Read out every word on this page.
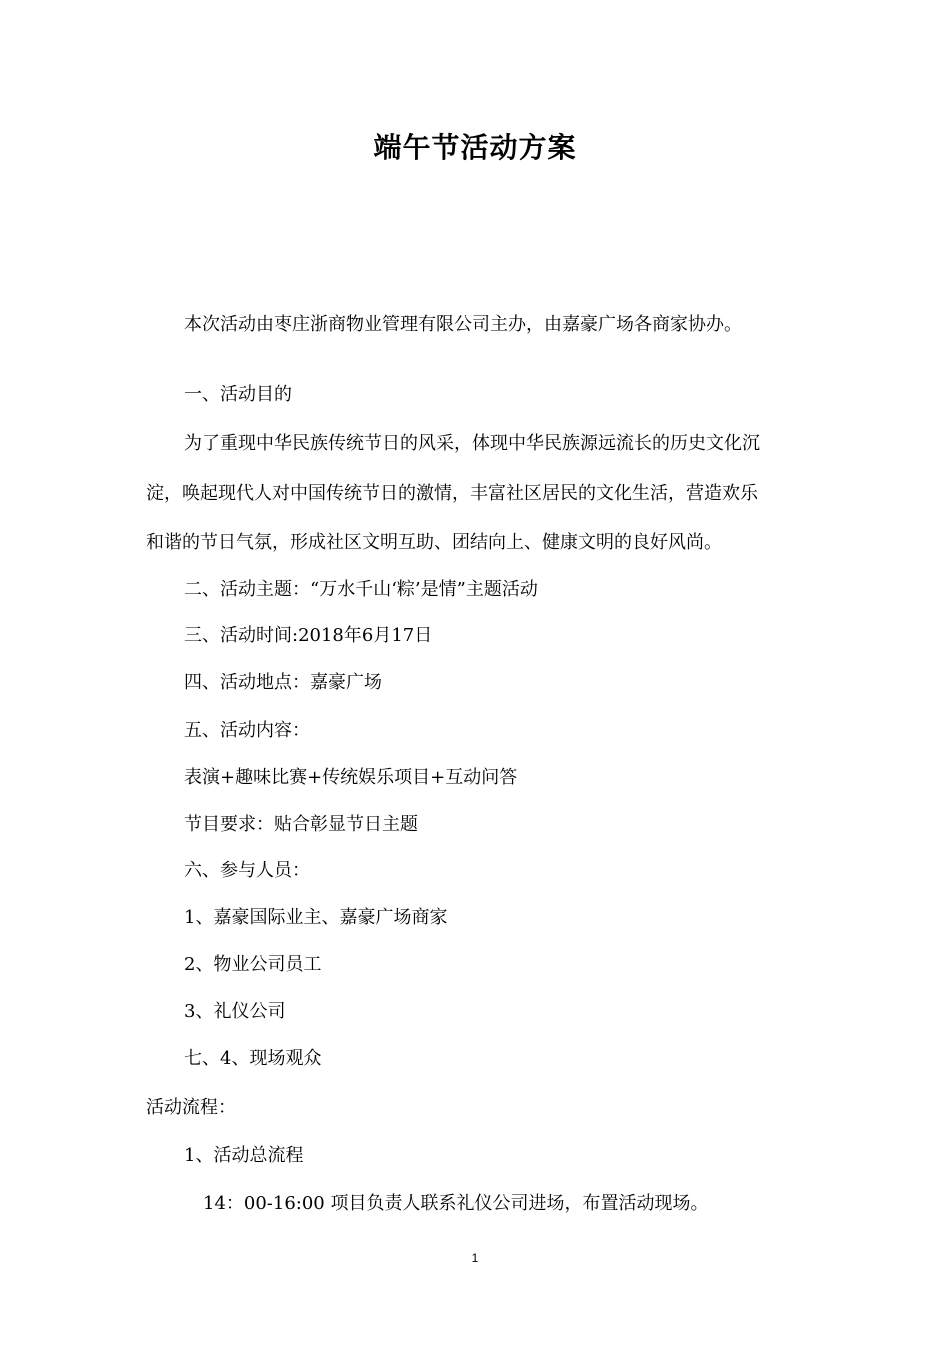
端午节活动方案
本次活动由枣庄浙商物业管理有限公司主办，由嘉豪广场各商家协办。
一、活动目的
为了重现中华民族传统节日的风采，体现中华民族源远流长的历史文化沉
淀，唤起现代人对中国传统节日的激情，丰富社区居民的文化生活，营造欢乐
和谐的节日气氛，形成社区文明互助、团结向上、健康文明的良好风尚。
二、活动主题：“万水千山‘粽’是情”主题活动
三、活动时间:2018年6月17日
四、活动地点：嘉豪广场
五、活动内容：
表演+趣味比赛+传统娱乐项目+互动问答
节目要求：贴合彰显节日主题
六、参与人员：
1、嘉豪国际业主、嘉豪广场商家
2、物业公司员工
3、礼仪公司
七、4、现场观众
活动流程：
1、活动总流程
14：00-16:00 项目负责人联系礼仪公司进场，布置活动现场。
1
